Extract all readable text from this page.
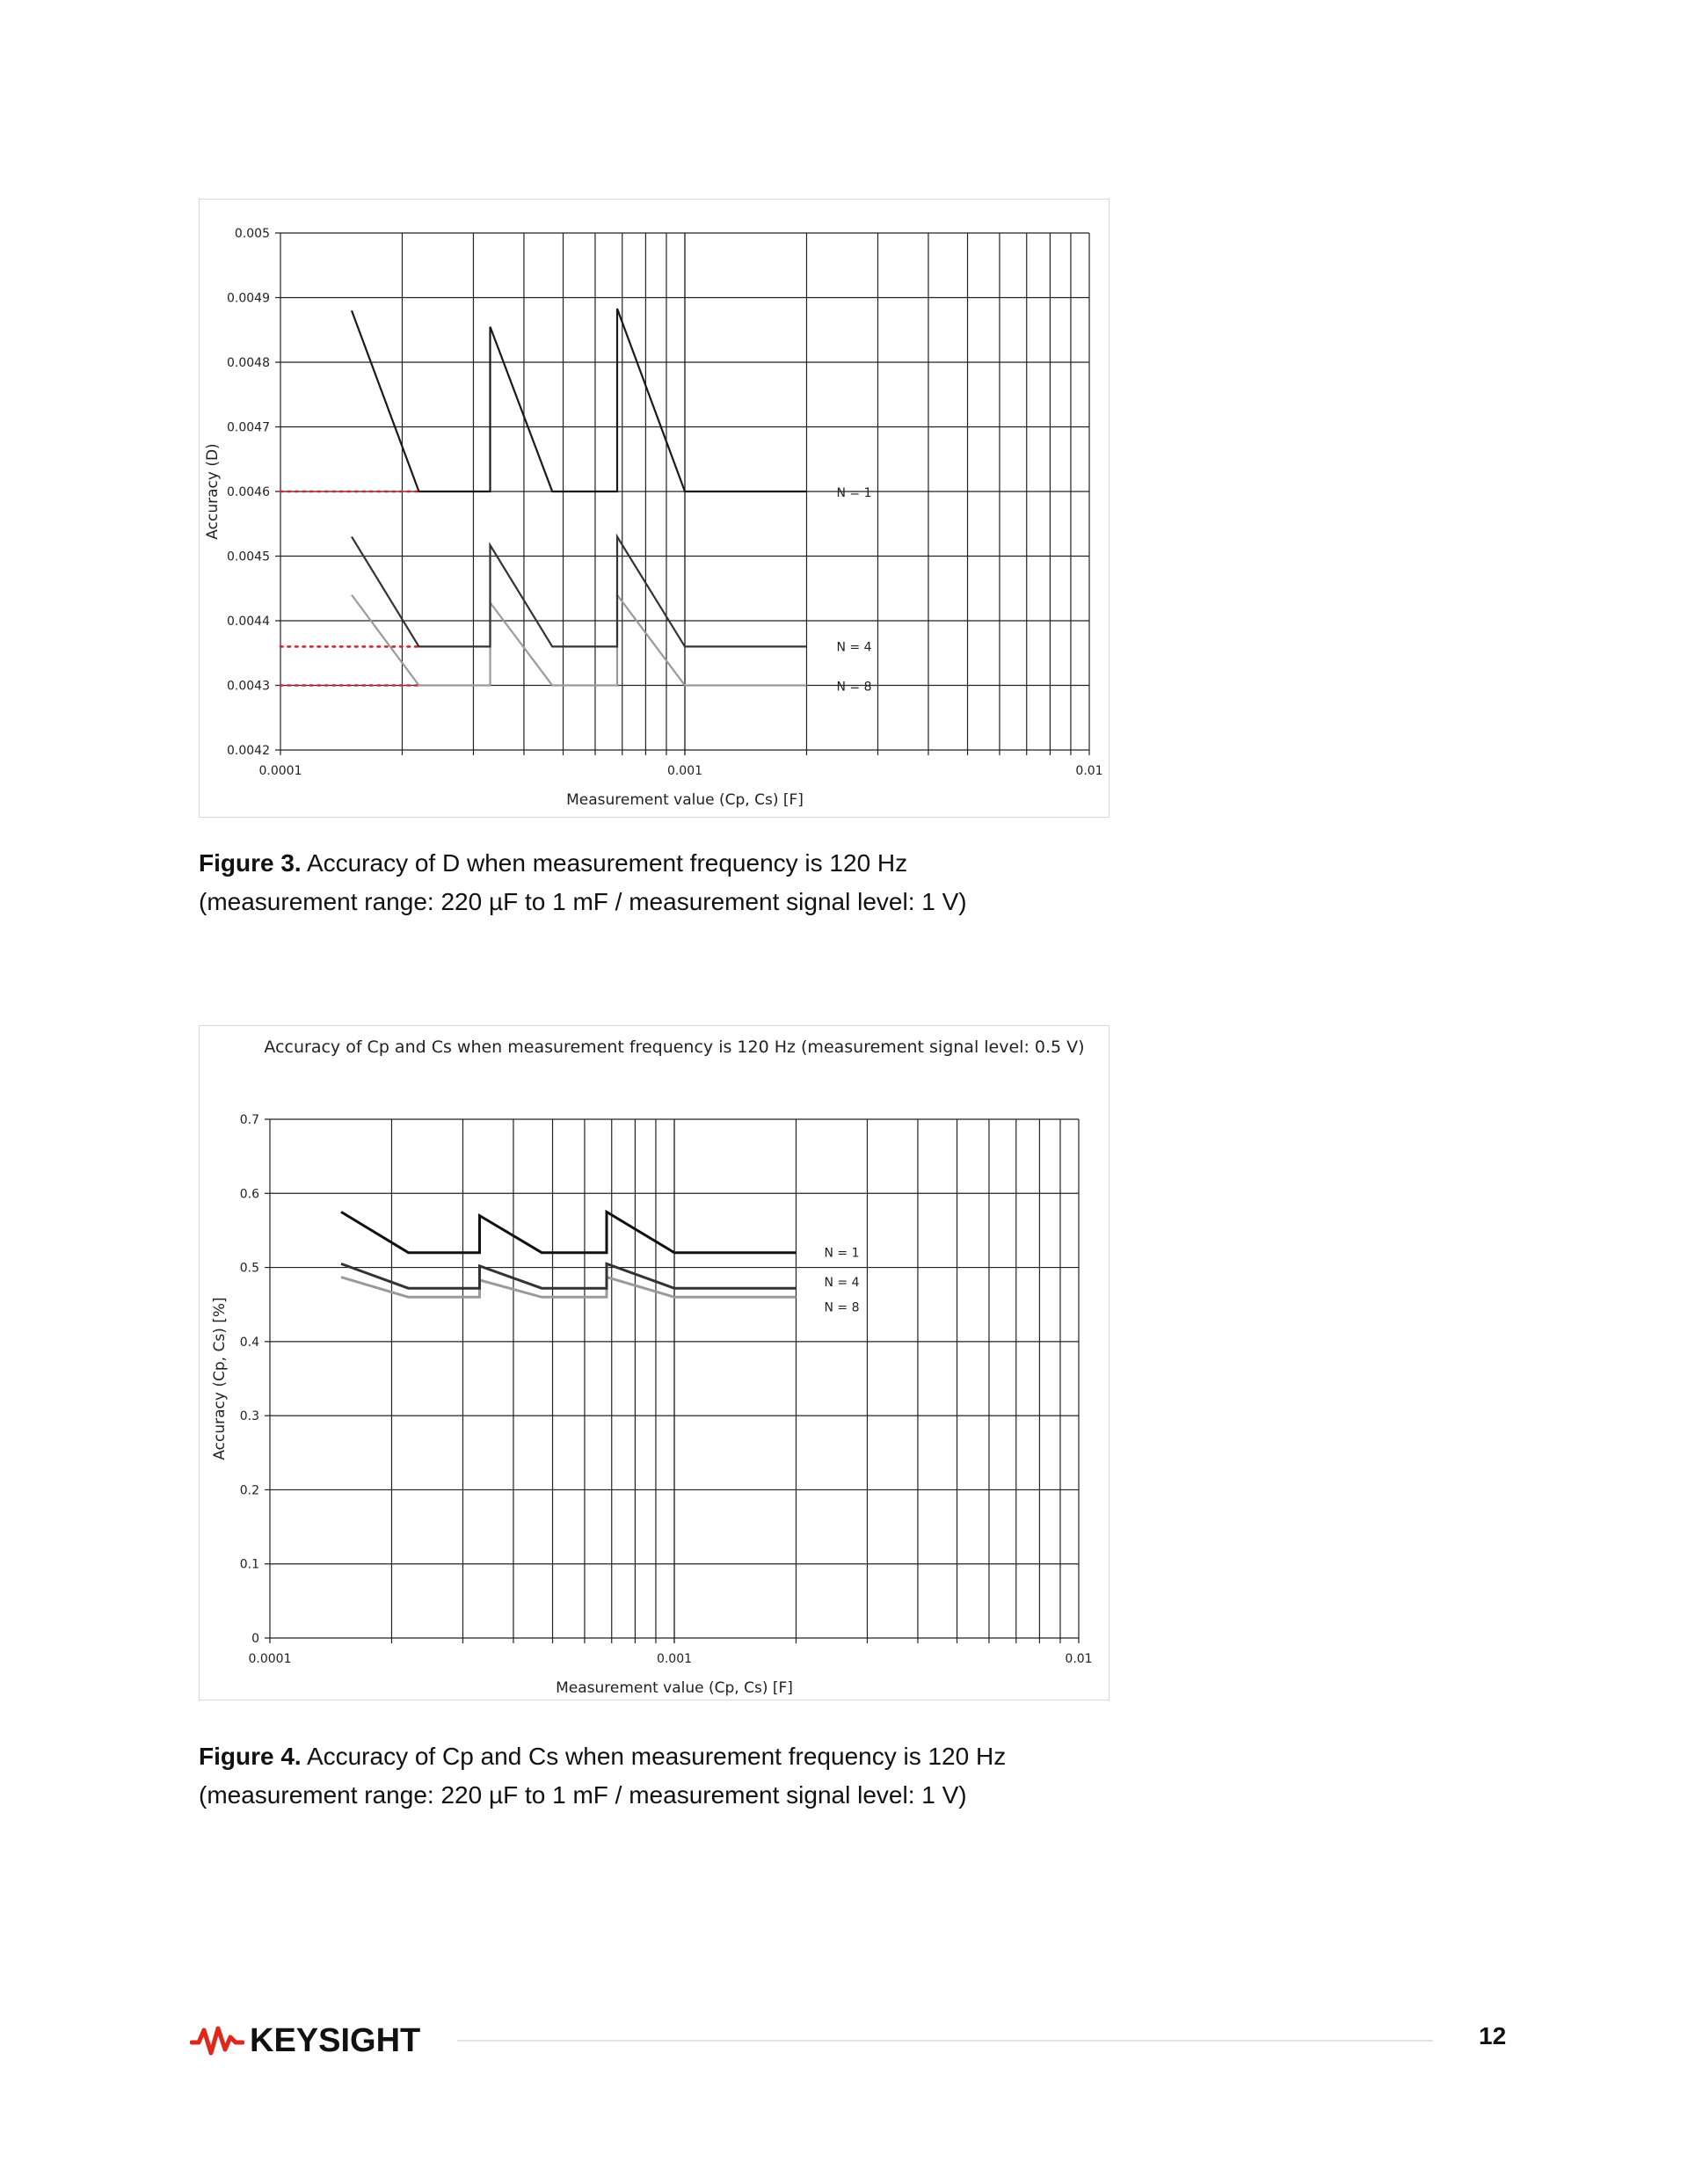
0.0042
0.0043
0.0044
0.0045
0.0046
0.0047
0.0048
0.0049
0.005
0.0001	0.001	0.01
Measurement value (Cp, Cs) [F]
Accuracy (D)	N = 1
N = 4
N = 8
Figure 3. Accuracy of D when measurement frequency is 120 Hz
(measurement range: 220 µF to 1 mF / measurement signal level: 1 V)
Accuracy of Cp and Cs when measurement frequency is 120 Hz (measurement signal level: 0.5 V)
0
0.1
0.2
0.3
0.4
0.5
0.6
0.7
0.0001	0.001	0.01
Measurement value (Cp, Cs) [F]
Accuracy (Cp, Cs) [%]
N = 1
N = 4
N = 8
Figure 4. Accuracy of Cp and Cs when measurement frequency is 120 Hz
(measurement range: 220 µF to 1 mF / measurement signal level: 1 V)
KEYSIGHT	12
